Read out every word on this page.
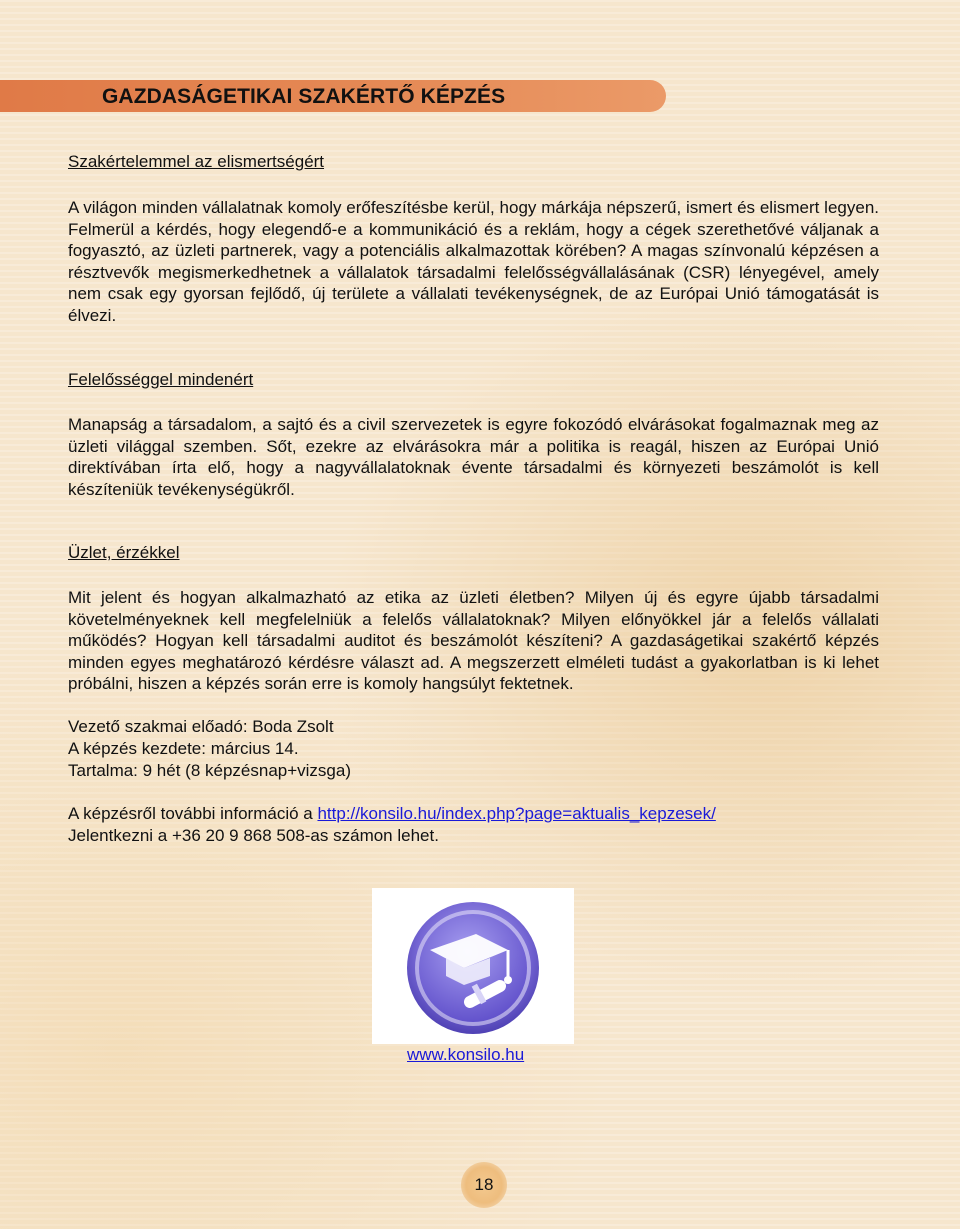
GAZDASÁGETIKAI SZAKÉRTŐ KÉPZÉS
Szakértelemmel az elismertségért
A világon minden vállalatnak komoly erőfeszítésbe kerül, hogy márkája népszerű, ismert és elismert legyen. Felmerül a kérdés, hogy elegendő-e a kommunikáció és a reklám, hogy a cégek szerethetővé váljanak a fogyasztó, az üzleti partnerek, vagy a potenciális alkalmazottak körében? A magas színvonalú képzésen a résztvevők megismerkedhetnek a vállalatok társadalmi felelősségvállalásának (CSR) lényegével, amely nem csak egy gyorsan fejlődő, új területe a vállalati tevékenységnek, de az Európai Unió támogatását is élvezi.
Felelősséggel mindenért
Manapság a társadalom, a sajtó és a civil szervezetek is egyre fokozódó elvárásokat fogalmaznak meg az üzleti világgal szemben. Sőt, ezekre az elvárásokra már a politika is reagál, hiszen az Európai Unió direktívában írta elő, hogy a nagyvállalatoknak évente társadalmi és környezeti beszámolót is kell készíteniük tevékenységükről.
Üzlet, érzékkel
Mit jelent és hogyan alkalmazható az etika az üzleti életben? Milyen új és egyre újabb társadalmi követelményeknek kell megfelelniük a felelős vállalatoknak? Milyen előnyökkel jár a felelős vállalati működés? Hogyan kell társadalmi auditot és beszámolót készíteni? A gazdaságetikai szakértő képzés minden egyes meghatározó kérdésre választ ad. A megszerzett elméleti tudást a gyakorlatban is ki lehet próbálni, hiszen a képzés során erre is komoly hangsúlyt fektetnek.
Vezető szakmai előadó: Boda Zsolt
A képzés kezdete: március 14.
Tartalma: 9 hét (8 képzésnap+vizsga)
A képzésről további információ a http://konsilo.hu/index.php?page=aktualis_kepzesek/
Jelentkezni a +36 20 9 868 508-as számon lehet.
www.konsilo.hu
18
